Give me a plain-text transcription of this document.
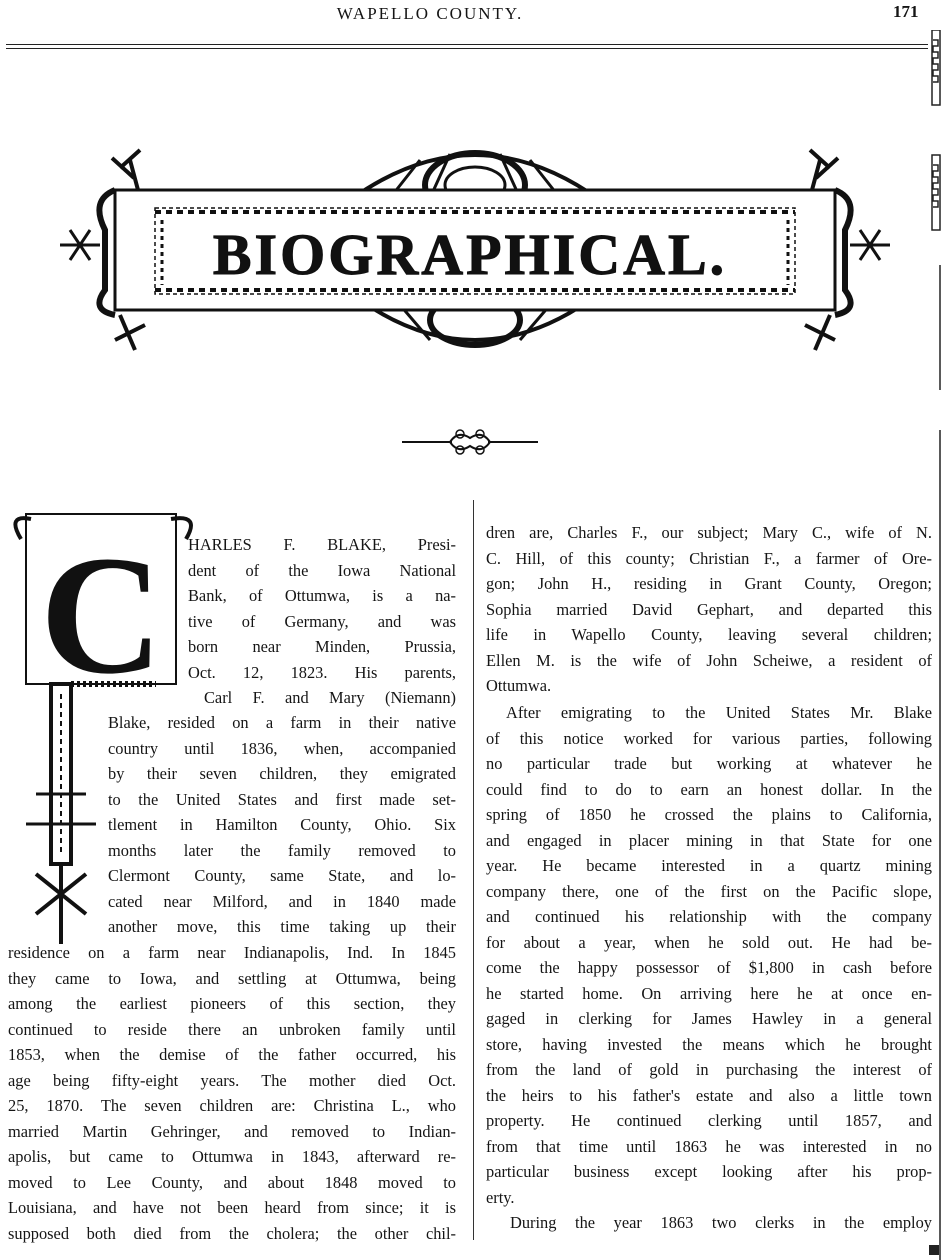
WAPELLO COUNTY.	171
BIOGRAPHICAL.
C HARLES F. BLAKE, Presi-
dent of the Iowa National
Bank, of Ottumwa, is a na-
tive of Germany, and was
born near Minden, Prussia,
Oct. 12, 1823. His parents,
Carl F. and Mary (Niemann)
Blake, resided on a farm in their native
country until 1836, when, accompanied
by their seven children, they emigrated
to the United States and first made set-
tlement in Hamilton County, Ohio. Six
months later the family removed to
Clermont County, same State, and lo-
cated near Milford, and in 1840 made
another move, this time taking up their
residence on a farm near Indianapolis, Ind. In 1845
they came to Iowa, and settling at Ottumwa, being
among the earliest pioneers of this section, they
continued to reside there an unbroken family until
1853, when the demise of the father occurred, his
age being fifty-eight years. The mother died Oct.
25, 1870. The seven children are: Christina L., who
married Martin Gehringer, and removed to Indian-
apolis, but came to Ottumwa in 1843, afterward re-
moved to Lee County, and about 1848 moved to
Louisiana, and have not been heard from since; it is
supposed both died from the cholera; the other chil-
dren are, Charles F., our subject; Mary C., wife of N.
C. Hill, of this county; Christian F., a farmer of Ore-
gon; John H., residing in Grant County, Oregon;
Sophia married David Gephart, and departed this
life in Wapello County, leaving several children;
Ellen M. is the wife of John Scheiwe, a resident of
Ottumwa.
After emigrating to the United States Mr. Blake
of this notice worked for various parties, following
no particular trade but working at whatever he
could find to do to earn an honest dollar. In the
spring of 1850 he crossed the plains to California,
and engaged in placer mining in that State for one
year. He became interested in a quartz mining
company there, one of the first on the Pacific slope,
and continued his relationship with the company
for about a year, when he sold out. He had be-
come the happy possessor of $1,800 in cash before
he started home. On arriving here he at once en-
gaged in clerking for James Hawley in a general
store, having invested the means which he brought
from the land of gold in purchasing the interest of
the heirs to his father's estate and also a little town
property. He continued clerking until 1857, and
from that time until 1863 he was interested in no
particular business except looking after his prop-
erty.
During the year 1863 two clerks in the employ
